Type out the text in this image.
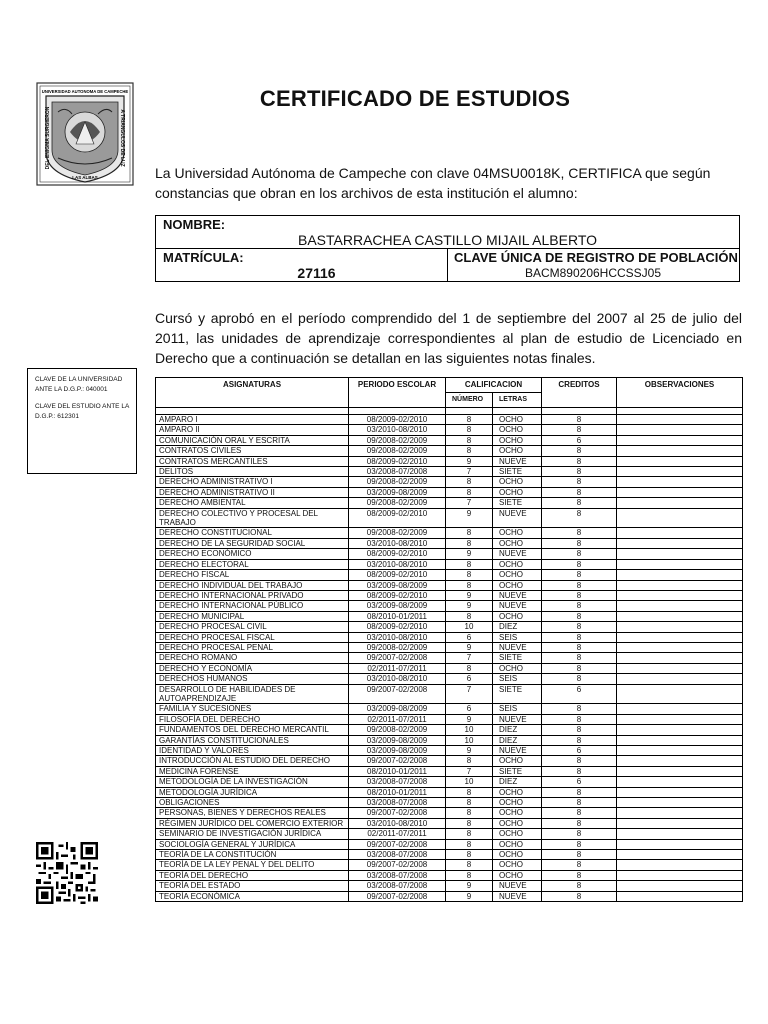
UNIVERSIDAD AUTONOMA DE CAMPECHE
DEL ENIGMA SURGIERON	A TRIANGULOS DE LUZ
LAS ALBAS
CERTIFICADO DE ESTUDIOS
La Universidad Autónoma de Campeche con clave 04MSU0018K, CERTIFICA que según constancias que obran en los archivos de esta institución el alumno:
NOMBRE:
BASTARRACHEA CASTILLO MIJAIL ALBERTO
MATRÍCULA:
27116
CLAVE ÚNICA DE REGISTRO DE POBLACIÓN
BACM890206HCCSSJ05
Cursó y aprobó en el período comprendido del 1 de septiembre del 2007 al 25 de julio del 2011, las unidades de aprendizaje correspondientes al plan de estudio de Licenciado en Derecho que a continuación se detallan en las siguientes notas finales.
CLAVE DE LA UNIVERSIDAD ANTE LA D.G.P.: 040001
CLAVE DEL ESTUDIO ANTE LA D.G.P.: 612301
ASIGNATURAS	PERIODO ESCOLAR	CALIFICACION		CREDITOS	OBSERVACIONES
		NÚMERO	LETRAS		

AMPARO I	08/2009-02/2010	8	OCHO	8	
AMPARO II	03/2010-08/2010	8	OCHO	8	
COMUNICACIÓN ORAL Y ESCRITA	09/2008-02/2009	8	OCHO	6	
CONTRATOS CIVILES	09/2008-02/2009	8	OCHO	8	
CONTRATOS MERCANTILES	08/2009-02/2010	9	NUEVE	8	
DELITOS	03/2008-07/2008	7	SIETE	8	
DERECHO ADMINISTRATIVO I	09/2008-02/2009	8	OCHO	8	
DERECHO ADMINISTRATIVO II	03/2009-08/2009	8	OCHO	8	
DERECHO AMBIENTAL	09/2008-02/2009	7	SIETE	8	
DERECHO COLECTIVO Y PROCESAL DEL TRABAJO	08/2009-02/2010	9	NUEVE	8	
DERECHO CONSTITUCIONAL	09/2008-02/2009	8	OCHO	8	
DERECHO DE LA SEGURIDAD SOCIAL	03/2010-08/2010	8	OCHO	8	
DERECHO ECONÓMICO	08/2009-02/2010	9	NUEVE	8	
DERECHO ELECTORAL	03/2010-08/2010	8	OCHO	8	
DERECHO FISCAL	08/2009-02/2010	8	OCHO	8	
DERECHO INDIVIDUAL DEL TRABAJO	03/2009-08/2009	8	OCHO	8	
DERECHO INTERNACIONAL PRIVADO	08/2009-02/2010	9	NUEVE	8	
DERECHO INTERNACIONAL PÚBLICO	03/2009-08/2009	9	NUEVE	8	
DERECHO MUNICIPAL	08/2010-01/2011	8	OCHO	8	
DERECHO PROCESAL CIVIL	08/2009-02/2010	10	DIEZ	8	
DERECHO PROCESAL FISCAL	03/2010-08/2010	6	SEIS	8	
DERECHO PROCESAL PENAL	09/2008-02/2009	9	NUEVE	8	
DERECHO ROMANO	09/2007-02/2008	7	SIETE	8	
DERECHO Y ECONOMÍA	02/2011-07/2011	8	OCHO	8	
DERECHOS HUMANOS	03/2010-08/2010	6	SEIS	8	
DESARROLLO DE HABILIDADES DE AUTOAPRENDIZAJE	09/2007-02/2008	7	SIETE	6	
FAMILIA Y SUCESIONES	03/2009-08/2009	6	SEIS	8	
FILOSOFÍA DEL DERECHO	02/2011-07/2011	9	NUEVE	8	
FUNDAMENTOS DEL DERECHO MERCANTIL	09/2008-02/2009	10	DIEZ	8	
GARANTÍAS CONSTITUCIONALES	03/2009-08/2009	10	DIEZ	8	
IDENTIDAD Y VALORES	03/2009-08/2009	9	NUEVE	6	
INTRODUCCIÓN AL ESTUDIO DEL DERECHO	09/2007-02/2008	8	OCHO	8	
MEDICINA FORENSE	08/2010-01/2011	7	SIETE	8	
METODOLOGÍA DE LA INVESTIGACIÓN	03/2008-07/2008	10	DIEZ	6	
METODOLOGÍA JURÍDICA	08/2010-01/2011	8	OCHO	8	
OBLIGACIONES	03/2008-07/2008	8	OCHO	8	
PERSONAS, BIENES Y DERECHOS REALES	09/2007-02/2008	8	OCHO	8	
RÉGIMEN JURÍDICO DEL COMERCIO EXTERIOR	03/2010-08/2010	8	OCHO	8	
SEMINARIO DE INVESTIGACIÓN JURÍDICA	02/2011-07/2011	8	OCHO	8	
SOCIOLOGÍA GENERAL Y JURÍDICA	09/2007-02/2008	8	OCHO	8	
TEORÍA DE LA CONSTITUCIÓN	03/2008-07/2008	8	OCHO	8	
TEORÍA DE LA LEY PENAL Y DEL DELITO	09/2007-02/2008	8	OCHO	8	
TEORÍA DEL DERECHO	03/2008-07/2008	8	OCHO	8	
TEORÍA DEL ESTADO	03/2008-07/2008	9	NUEVE	8	
TEORÍA ECONÓMICA	09/2007-02/2008	9	NUEVE	8	
